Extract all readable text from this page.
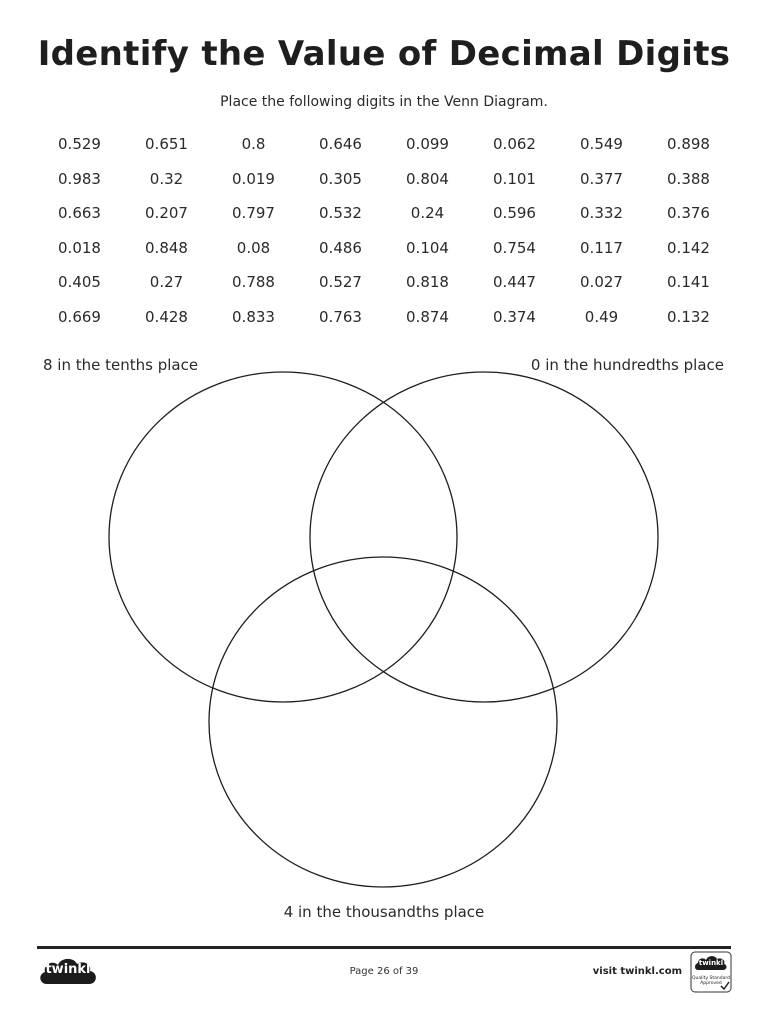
Identify the Value of Decimal Digits
Place the following digits in the Venn Diagram.
0.529	0.651	0.8	0.646	0.099	0.062	0.549	0.898
0.983	0.32	0.019	0.305	0.804	0.101	0.377	0.388
0.663	0.207	0.797	0.532	0.24	0.596	0.332	0.376
0.018	0.848	0.08	0.486	0.104	0.754	0.117	0.142
0.405	0.27	0.788	0.527	0.818	0.447	0.027	0.141
0.669	0.428	0.833	0.763	0.874	0.374	0.49	0.132
8 in the tenths place	0 in the hundredths place
4 in the thousandths place
twinkl	Page 26 of 39	visit twinkl.com
twinkl
Quality Standard
Approved
